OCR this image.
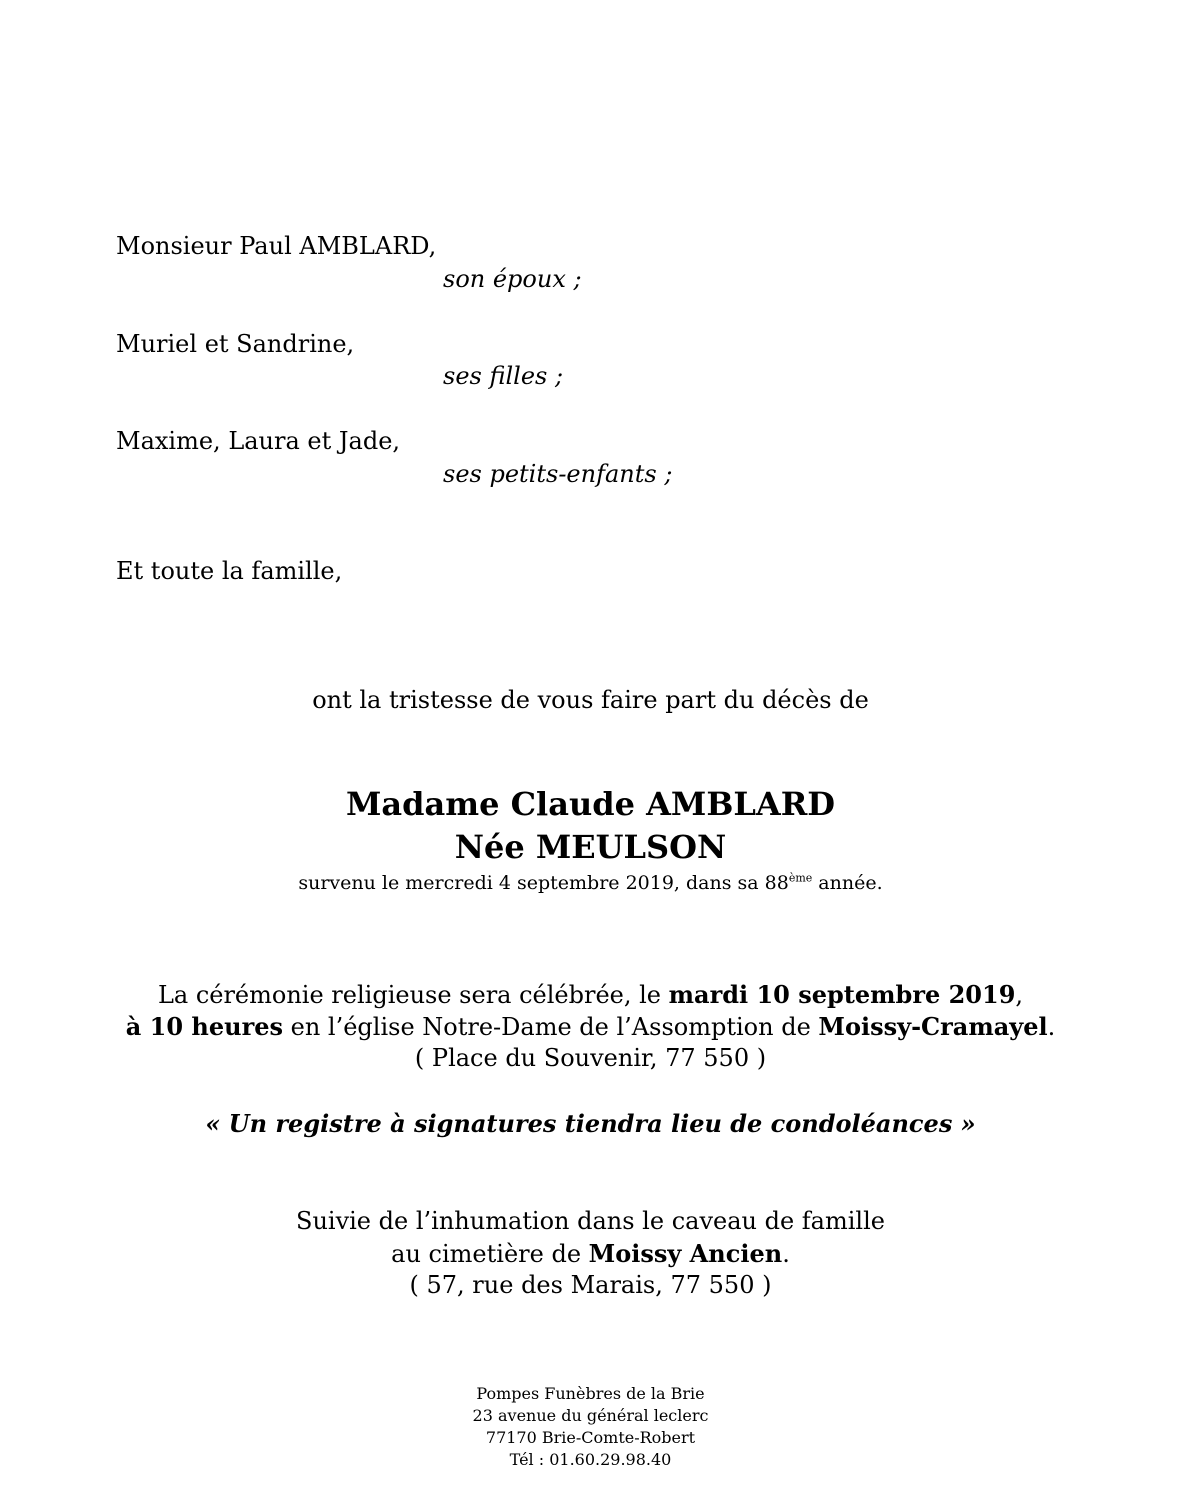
Monsieur Paul AMBLARD,
son époux ;
Muriel et Sandrine,
ses filles ;
Maxime, Laura et Jade,
ses petits-enfants ;
Et toute la famille,
ont la tristesse de vous faire part du décès de
Madame Claude AMBLARD
Née MEULSON
survenu le mercredi 4 septembre 2019, dans sa 88ème année.
La cérémonie religieuse sera célébrée, le mardi 10 septembre 2019,
à 10 heures en l’église Notre-Dame de l’Assomption de Moissy-Cramayel.
( Place du Souvenir, 77 550 )
« Un registre à signatures tiendra lieu de condoléances »
Suivie de l’inhumation dans le caveau de famille
au cimetière de Moissy Ancien.
( 57, rue des Marais, 77 550 )
Pompes Funèbres de la Brie
23 avenue du général leclerc
77170 Brie-Comte-Robert
Tél : 01.60.29.98.40
